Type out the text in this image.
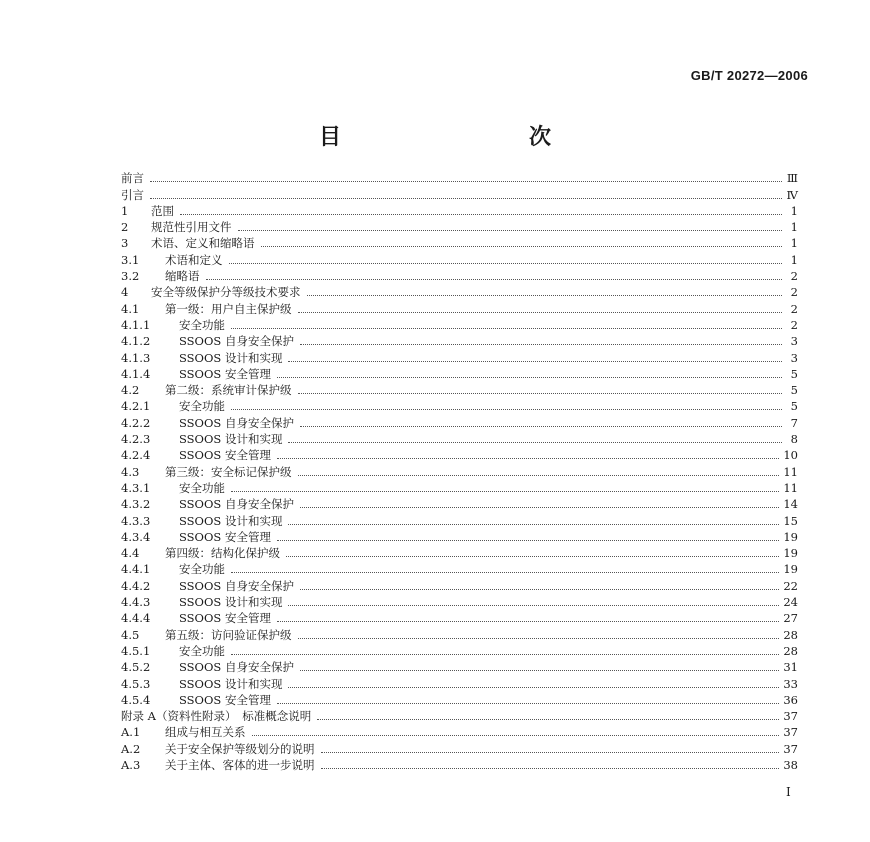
GB/T 20272—2006
目　　次
前言	Ⅲ
引言	Ⅳ
1	范围	1
2	规范性引用文件	1
3	术语、定义和缩略语	1
3.1	术语和定义	1
3.2	缩略语	2
4	安全等级保护分等级技术要求	2
4.1	第一级：用户自主保护级	2
4.1.1	安全功能	2
4.1.2	SSOOS 自身安全保护	3
4.1.3	SSOOS 设计和实现	3
4.1.4	SSOOS 安全管理	5
4.2	第二级：系统审计保护级	5
4.2.1	安全功能	5
4.2.2	SSOOS 自身安全保护	7
4.2.3	SSOOS 设计和实现	8
4.2.4	SSOOS 安全管理	10
4.3	第三级：安全标记保护级	11
4.3.1	安全功能	11
4.3.2	SSOOS 自身安全保护	14
4.3.3	SSOOS 设计和实现	15
4.3.4	SSOOS 安全管理	19
4.4	第四级：结构化保护级	19
4.4.1	安全功能	19
4.4.2	SSOOS 自身安全保护	22
4.4.3	SSOOS 设计和实现	24
4.4.4	SSOOS 安全管理	27
4.5	第五级：访问验证保护级	28
4.5.1	安全功能	28
4.5.2	SSOOS 自身安全保护	31
4.5.3	SSOOS 设计和实现	33
4.5.4	SSOOS 安全管理	36
附录 A（资料性附录）　标准概念说明	37
A.1	组成与相互关系	37
A.2	关于安全保护等级划分的说明	37
A.3	关于主体、客体的进一步说明	38
I
